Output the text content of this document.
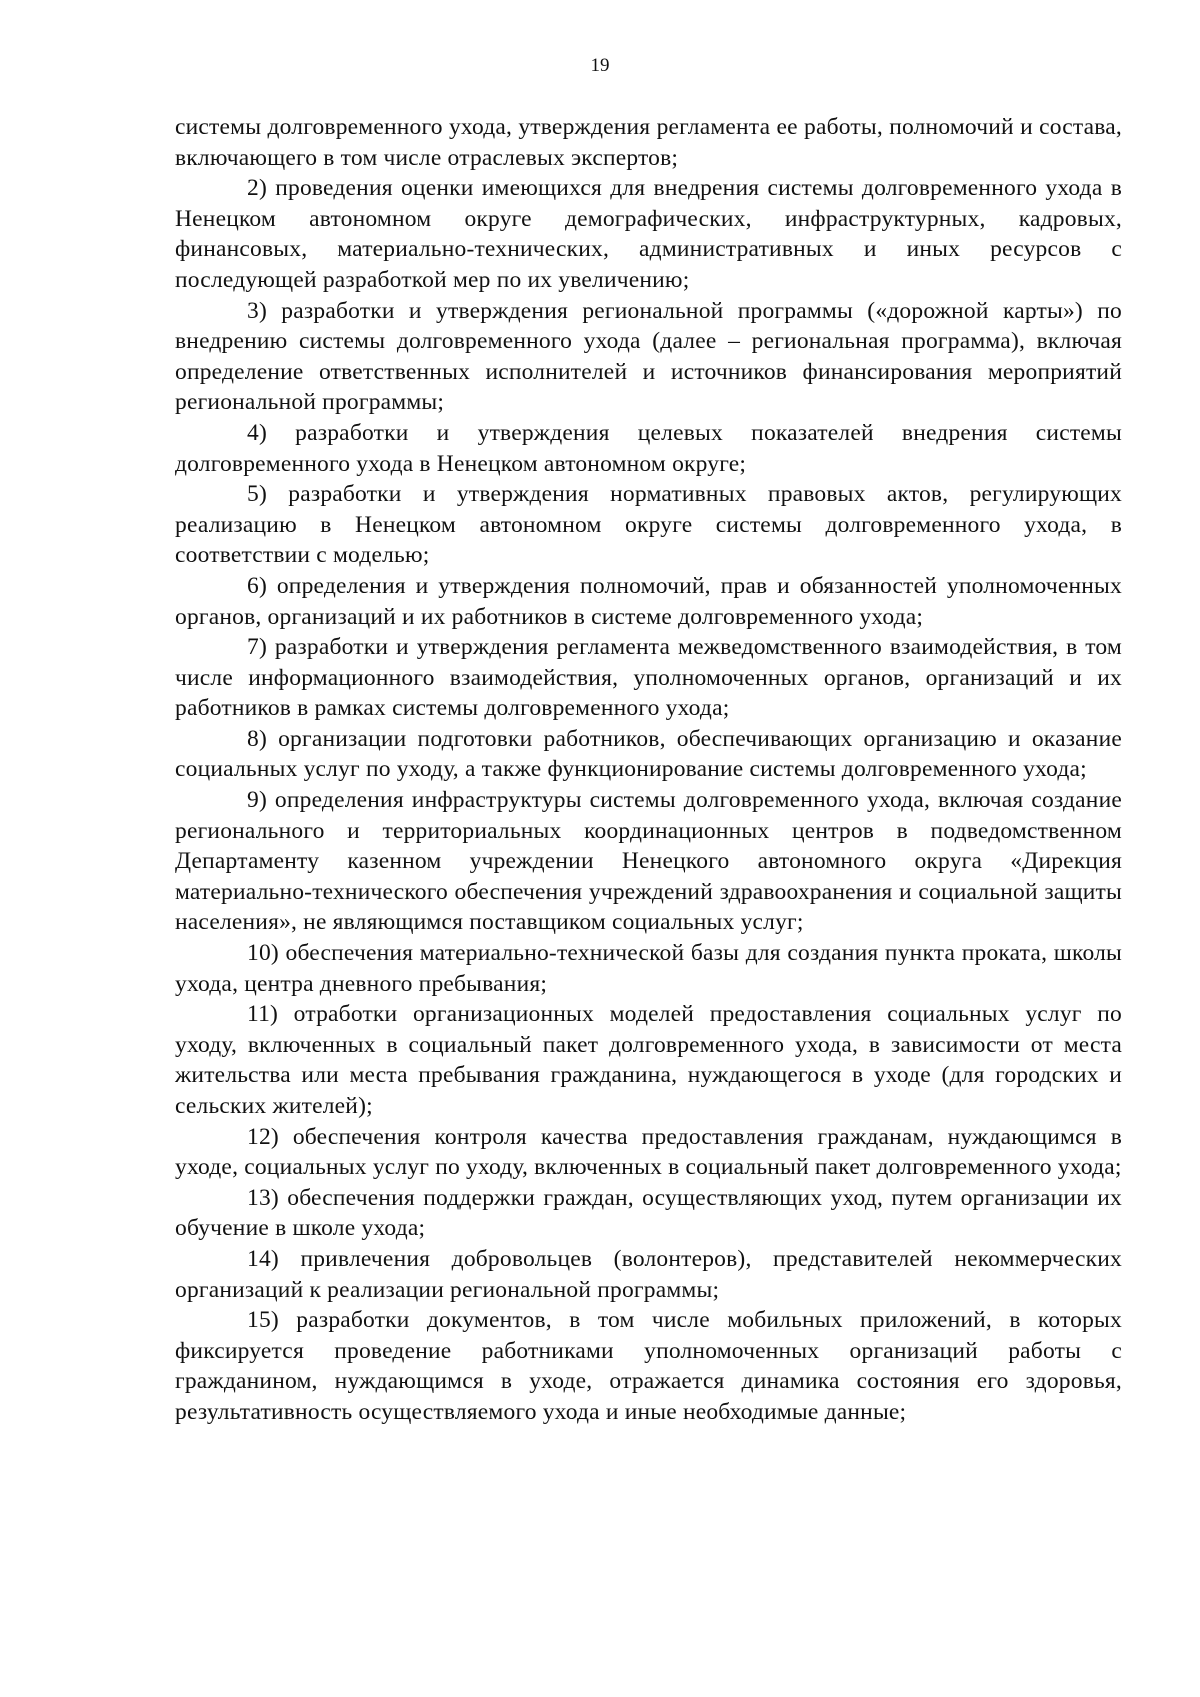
19

системы долговременного ухода, утверждения регламента ее работы, полномочий и состава, включающего в том числе отраслевых экспертов;

2) проведения оценки имеющихся для внедрения системы долговременного ухода в Ненецком автономном округе демографических, инфраструктурных, кадровых, финансовых, материально-технических, административных и иных ресурсов с последующей разработкой мер по их увеличению;

3) разработки и утверждения региональной программы («дорожной карты») по внедрению системы долговременного ухода (далее – региональная программа), включая определение ответственных исполнителей и источников финансирования мероприятий региональной программы;

4) разработки и утверждения целевых показателей внедрения системы долговременного ухода в Ненецком автономном округе;

5) разработки и утверждения нормативных правовых актов, регулирующих реализацию в Ненецком автономном округе системы долговременного ухода, в соответствии с моделью;

6) определения и утверждения полномочий, прав и обязанностей уполномоченных органов, организаций и их работников в системе долговременного ухода;

7) разработки и утверждения регламента межведомственного взаимодействия, в том числе информационного взаимодействия, уполномоченных органов, организаций и их работников в рамках системы долговременного ухода;

8) организации подготовки работников, обеспечивающих организацию и оказание социальных услуг по уходу, а также функционирование системы долговременного ухода;

9) определения инфраструктуры системы долговременного ухода, включая создание регионального и территориальных координационных центров в подведомственном Департаменту казенном учреждении Ненецкого автономного округа «Дирекция материально-технического обеспечения учреждений здравоохранения и социальной защиты населения», не являющимся поставщиком социальных услуг;

10) обеспечения материально-технической базы для создания пункта проката, школы ухода, центра дневного пребывания;

11) отработки организационных моделей предоставления социальных услуг по уходу, включенных в социальный пакет долговременного ухода, в зависимости от места жительства или места пребывания гражданина, нуждающегося в уходе (для городских и сельских жителей);

12) обеспечения контроля качества предоставления гражданам, нуждающимся в уходе, социальных услуг по уходу, включенных в социальный пакет долговременного ухода;

13) обеспечения поддержки граждан, осуществляющих уход, путем организации их обучение в школе ухода;

14) привлечения добровольцев (волонтеров), представителей некоммерческих организаций к реализации региональной программы;

15) разработки документов, в том числе мобильных приложений, в которых фиксируется проведение работниками уполномоченных организаций работы с гражданином, нуждающимся в уходе, отражается динамика состояния его здоровья, результативность осуществляемого ухода и иные необходимые данные;
